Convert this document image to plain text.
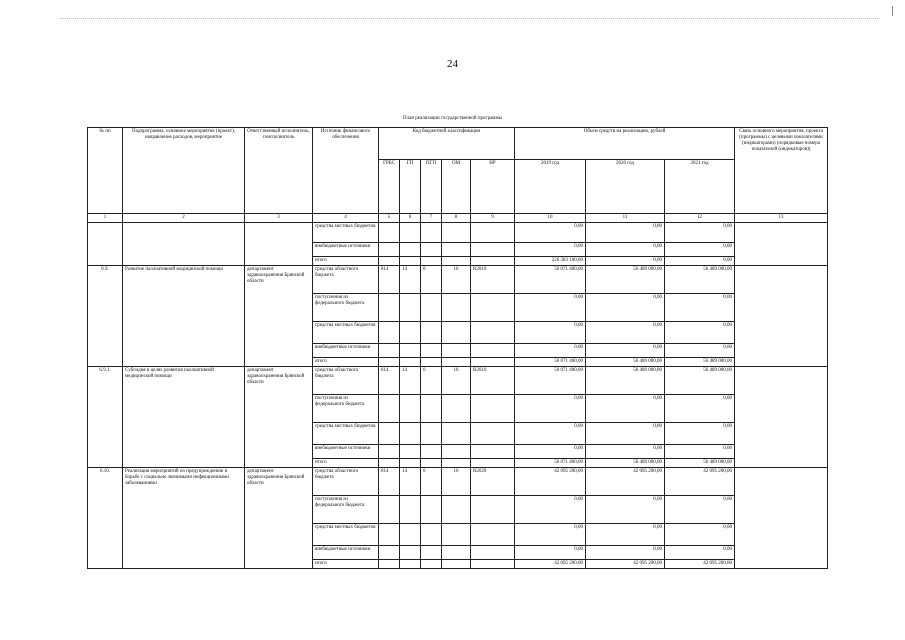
24
План реализации государственной программы
№ пп	Подпрограмма, основное мероприятие (проект), направление расходов, мероприятие	Ответственный исполнитель, соисполнитель	Источник финансового обеспечения	Код бюджетной классификации					Объем средств на реализацию, рублей			Связь основного мероприятия, проекта (программы) с целевыми показателями (индикаторами) (порядковые номера показателей (индикаторов))
				ГРБС	ГП	ПГП	ОМ	НР	2019 год	2020 год	2021 год	
1	2	3	4	5	6	7	8	9	10	11	12	13
			средства местных бюджетов						0,00	0,00	0,00	
			внебюджетные источники						0,00	0,00	0,00	
			итого						226 383 100,00	0,00	0,00	
6.9.	Развитие паллиативной медицинской помощи	департамент здравоохранения Брянской области	средства областного бюджета	814	14	0	16	R2010	56 071 400,00	56 489 000,00	56 489 000,00	
			поступления из федерального бюджета						0,00	0,00	0,00	
			средства местных бюджетов						0,00	0,00	0,00	
			внебюджетные источники						0,00	0,00	0,00	
			итого						56 071 400,00	56 489 000,00	56 489 000,00	
6.9.1.	Субсидия в целях развития паллиативной медицинской помощи	департамент здравоохранения Брянской области	средства областного бюджета	814	14	0	16	R2010	56 071 400,00	56 489 000,00	56 489 000,00	
			поступления из федерального бюджета						0,00	0,00	0,00	
			средства местных бюджетов						0,00	0,00	0,00	
			внебюджетные источники						0,00	0,00	0,00	
			итого						56 071 400,00	56 489 000,00	56 489 000,00	
6.10.	Реализация мероприятий по предупреждению и борьбе с социально значимыми инфекционными заболеваниями	департамент здравоохранения Брянской области	средства областного бюджета	814	14	0	16	R2020	42 095 200,00	42 095 200,00	42 095 200,00	
			поступления из федерального бюджета						0,00	0,00	0,00	
			средства местных бюджетов						0,00	0,00	0,00	
			внебюджетные источники						0,00	0,00	0,00	
			итого						42 095 200,00	42 095 200,00	42 095 200,00	
